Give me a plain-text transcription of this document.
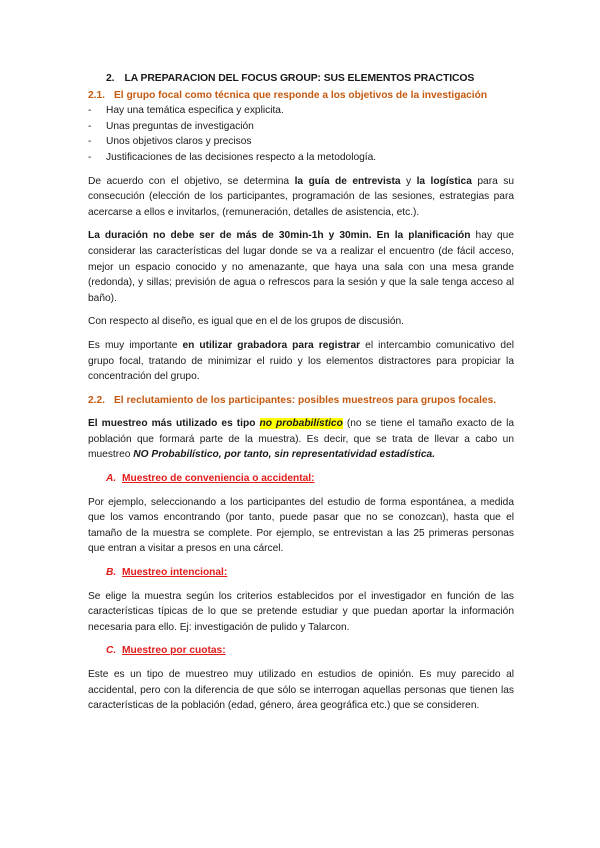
2. LA PREPARACION DEL FOCUS GROUP: SUS ELEMENTOS PRACTICOS
2.1. El grupo focal como técnica que responde a los objetivos de la investigación
-	Hay una temática especifica y explicita.
-	Unas preguntas de investigación
-	Unos objetivos claros y precisos
-	Justificaciones de las decisiones respecto a la metodología.

De acuerdo con el objetivo, se determina la guía de entrevista y la logística para su consecución (elección de los participantes, programación de las sesiones, estrategias para acercarse a ellos e invitarlos, (remuneración, detalles de asistencia, etc.).

La duración no debe ser de más de 30min-1h y 30min. En la planificación hay que considerar las características del lugar donde se va a realizar el encuentro (de fácil acceso, mejor un espacio conocido y no amenazante, que haya una sala con una mesa grande (redonda), y sillas; previsión de agua o refrescos para la sesión y que la sale tenga acceso al baño).

Con respecto al diseño, es igual que en el de los grupos de discusión.

Es muy importante en utilizar grabadora para registrar el intercambio comunicativo del grupo focal, tratando de minimizar el ruido y los elementos distractores para propiciar la concentración del grupo.

2.2. El reclutamiento de los participantes: posibles muestreos para grupos focales.

El muestreo más utilizado es tipo no probabilístico (no se tiene el tamaño exacto de la población que formará parte de la muestra). Es decir, que se trata de llevar a cabo un muestreo NO Probabilístico, por tanto, sin representatividad estadística.

A. Muestreo de conveniencia o accidental:

Por ejemplo, seleccionando a los participantes del estudio de forma espontánea, a medida que los vamos encontrando (por tanto, puede pasar que no se conozcan), hasta que el tamaño de la muestra se complete. Por ejemplo, se entrevistan a las 25 primeras personas que entran a visitar a presos en una cárcel.

B. Muestreo intencional:

Se elige la muestra según los criterios establecidos por el investigador en función de las características típicas de lo que se pretende estudiar y que puedan aportar la información necesaria para ello. Ej: investigación de pulido y Talarcon.

C. Muestreo por cuotas:

Este es un tipo de muestreo muy utilizado en estudios de opinión. Es muy parecido al accidental, pero con la diferencia de que sólo se interrogan aquellas personas que tienen las características de la población (edad, género, área geográfica etc.) que se consideren.
